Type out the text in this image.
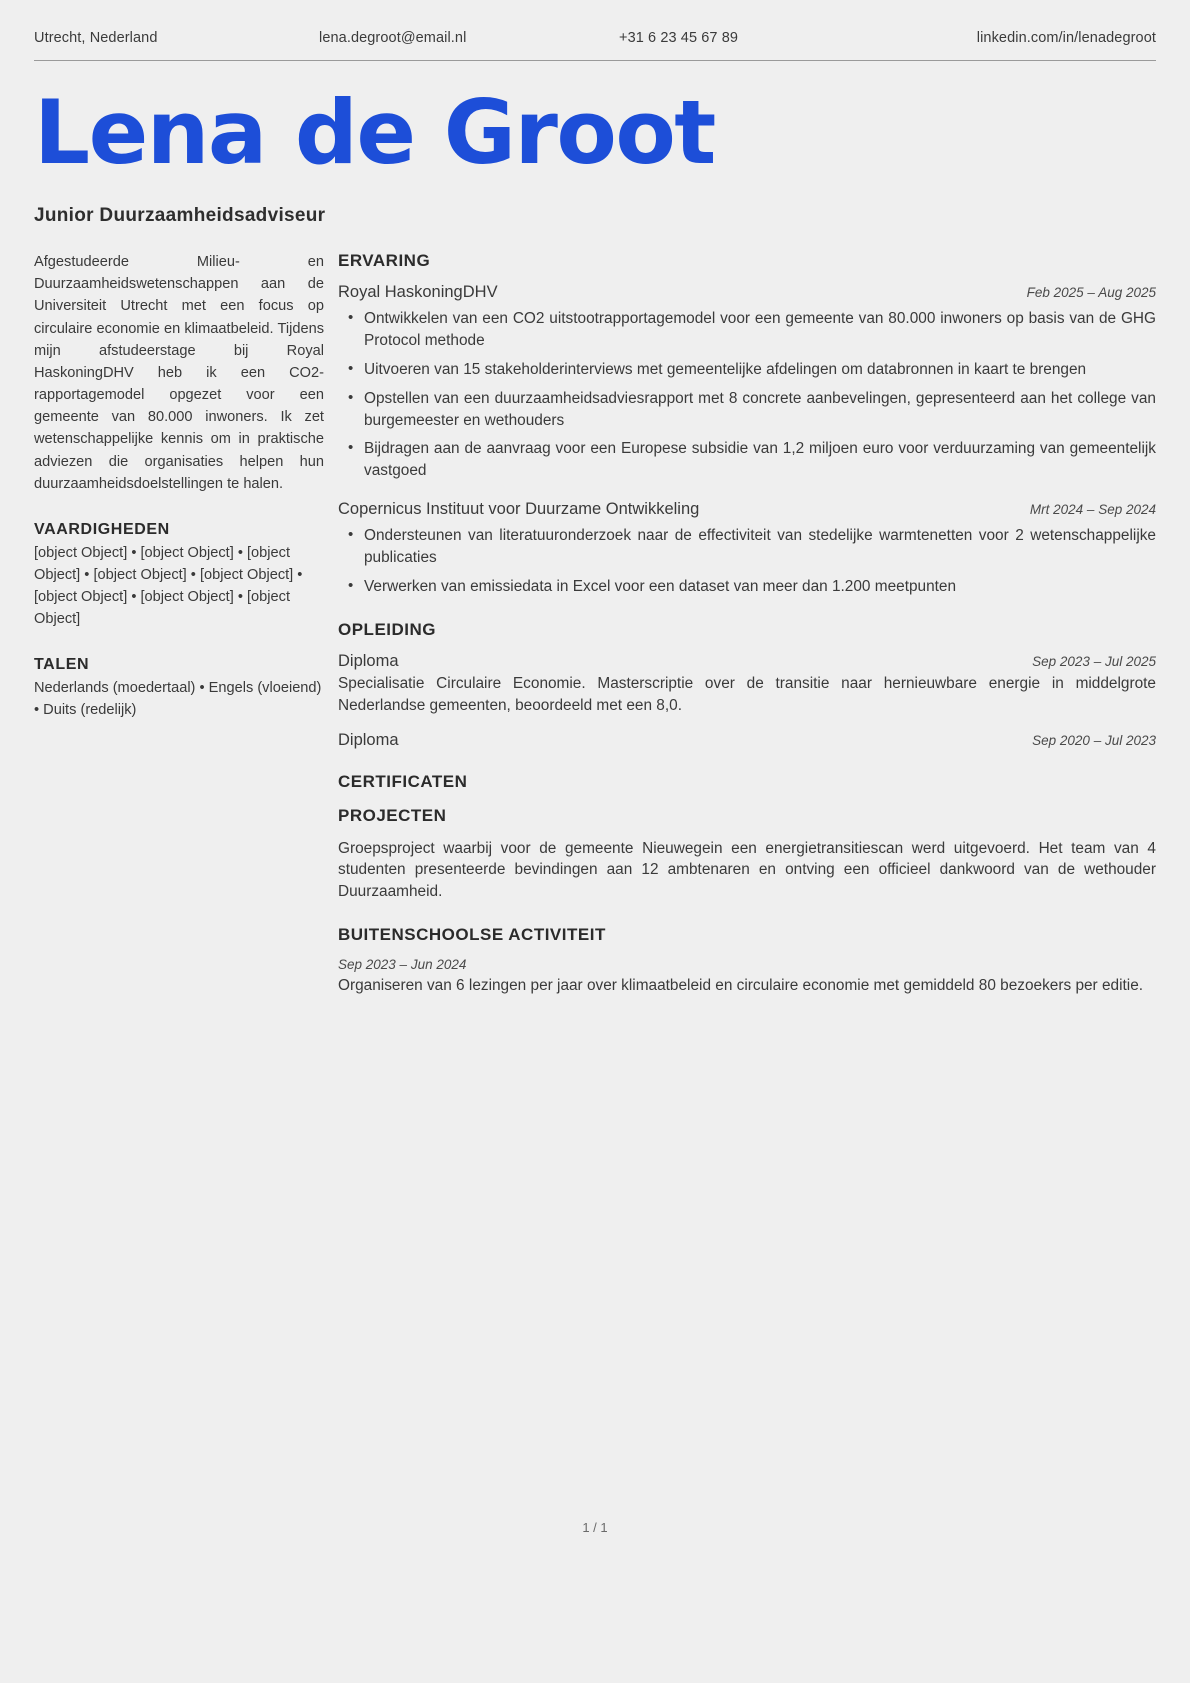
Utrecht, Nederland	lena.degroot@email.nl	+31 6 23 45 67 89	linkedin.com/in/lenadegroot
Lena de Groot
Junior Duurzaamheidsadviseur

Afgestudeerde Milieu- en Duurzaamheidswetenschappen aan de Universiteit Utrecht met een focus op circulaire economie en klimaatbeleid. Tijdens mijn afstudeerstage bij Royal HaskoningDHV heb ik een CO2-rapportagemodel opgezet voor een gemeente van 80.000 inwoners. Ik zet wetenschappelijke kennis om in praktische adviezen die organisaties helpen hun duurzaamheidsdoelstellingen te halen.

VAARDIGHEDEN

[object Object] • [object Object] • [object Object] • [object Object] • [object Object] • [object Object] • [object Object] • [object Object]

TALEN

Nederlands (moedertaal) • Engels (vloeiend) • Duits (redelijk)

ERVARING
Royal HaskoningDHV	Feb 2025 – Aug 2025
• Ontwikkelen van een CO2 uitstootrapportagemodel voor een gemeente van 80.000 inwoners op basis van de GHG Protocol methode
• Uitvoeren van 15 stakeholderinterviews met gemeentelijke afdelingen om databronnen in kaart te brengen
• Opstellen van een duurzaamheidsadviesrapport met 8 concrete aanbevelingen, gepresenteerd aan het college van burgemeester en wethouders
• Bijdragen aan de aanvraag voor een Europese subsidie van 1,2 miljoen euro voor verduurzaming van gemeentelijk vastgoed
Copernicus Instituut voor Duurzame Ontwikkeling	Mrt 2024 – Sep 2024
• Ondersteunen van literatuuronderzoek naar de effectiviteit van stedelijke warmtenetten voor 2 wetenschappelijke publicaties
• Verwerken van emissiedata in Excel voor een dataset van meer dan 1.200 meetpunten
OPLEIDING
Diploma	Sep 2023 – Jul 2025

Specialisatie Circulaire Economie. Masterscriptie over de transitie naar hernieuwbare energie in middelgrote Nederlandse gemeenten, beoordeeld met een 8,0.

Diploma	Sep 2020 – Jul 2023
CERTIFICATEN
PROJECTEN

Groepsproject waarbij voor de gemeente Nieuwegein een energietransitiescan werd uitgevoerd. Het team van 4 studenten presenteerde bevindingen aan 12 ambtenaren en ontving een officieel dankwoord van de wethouder Duurzaamheid.

BUITENSCHOOLSE ACTIVITEIT

Sep 2023 – Jun 2024

Organiseren van 6 lezingen per jaar over klimaatbeleid en circulaire economie met gemiddeld 80 bezoekers per editie.

1 / 1
